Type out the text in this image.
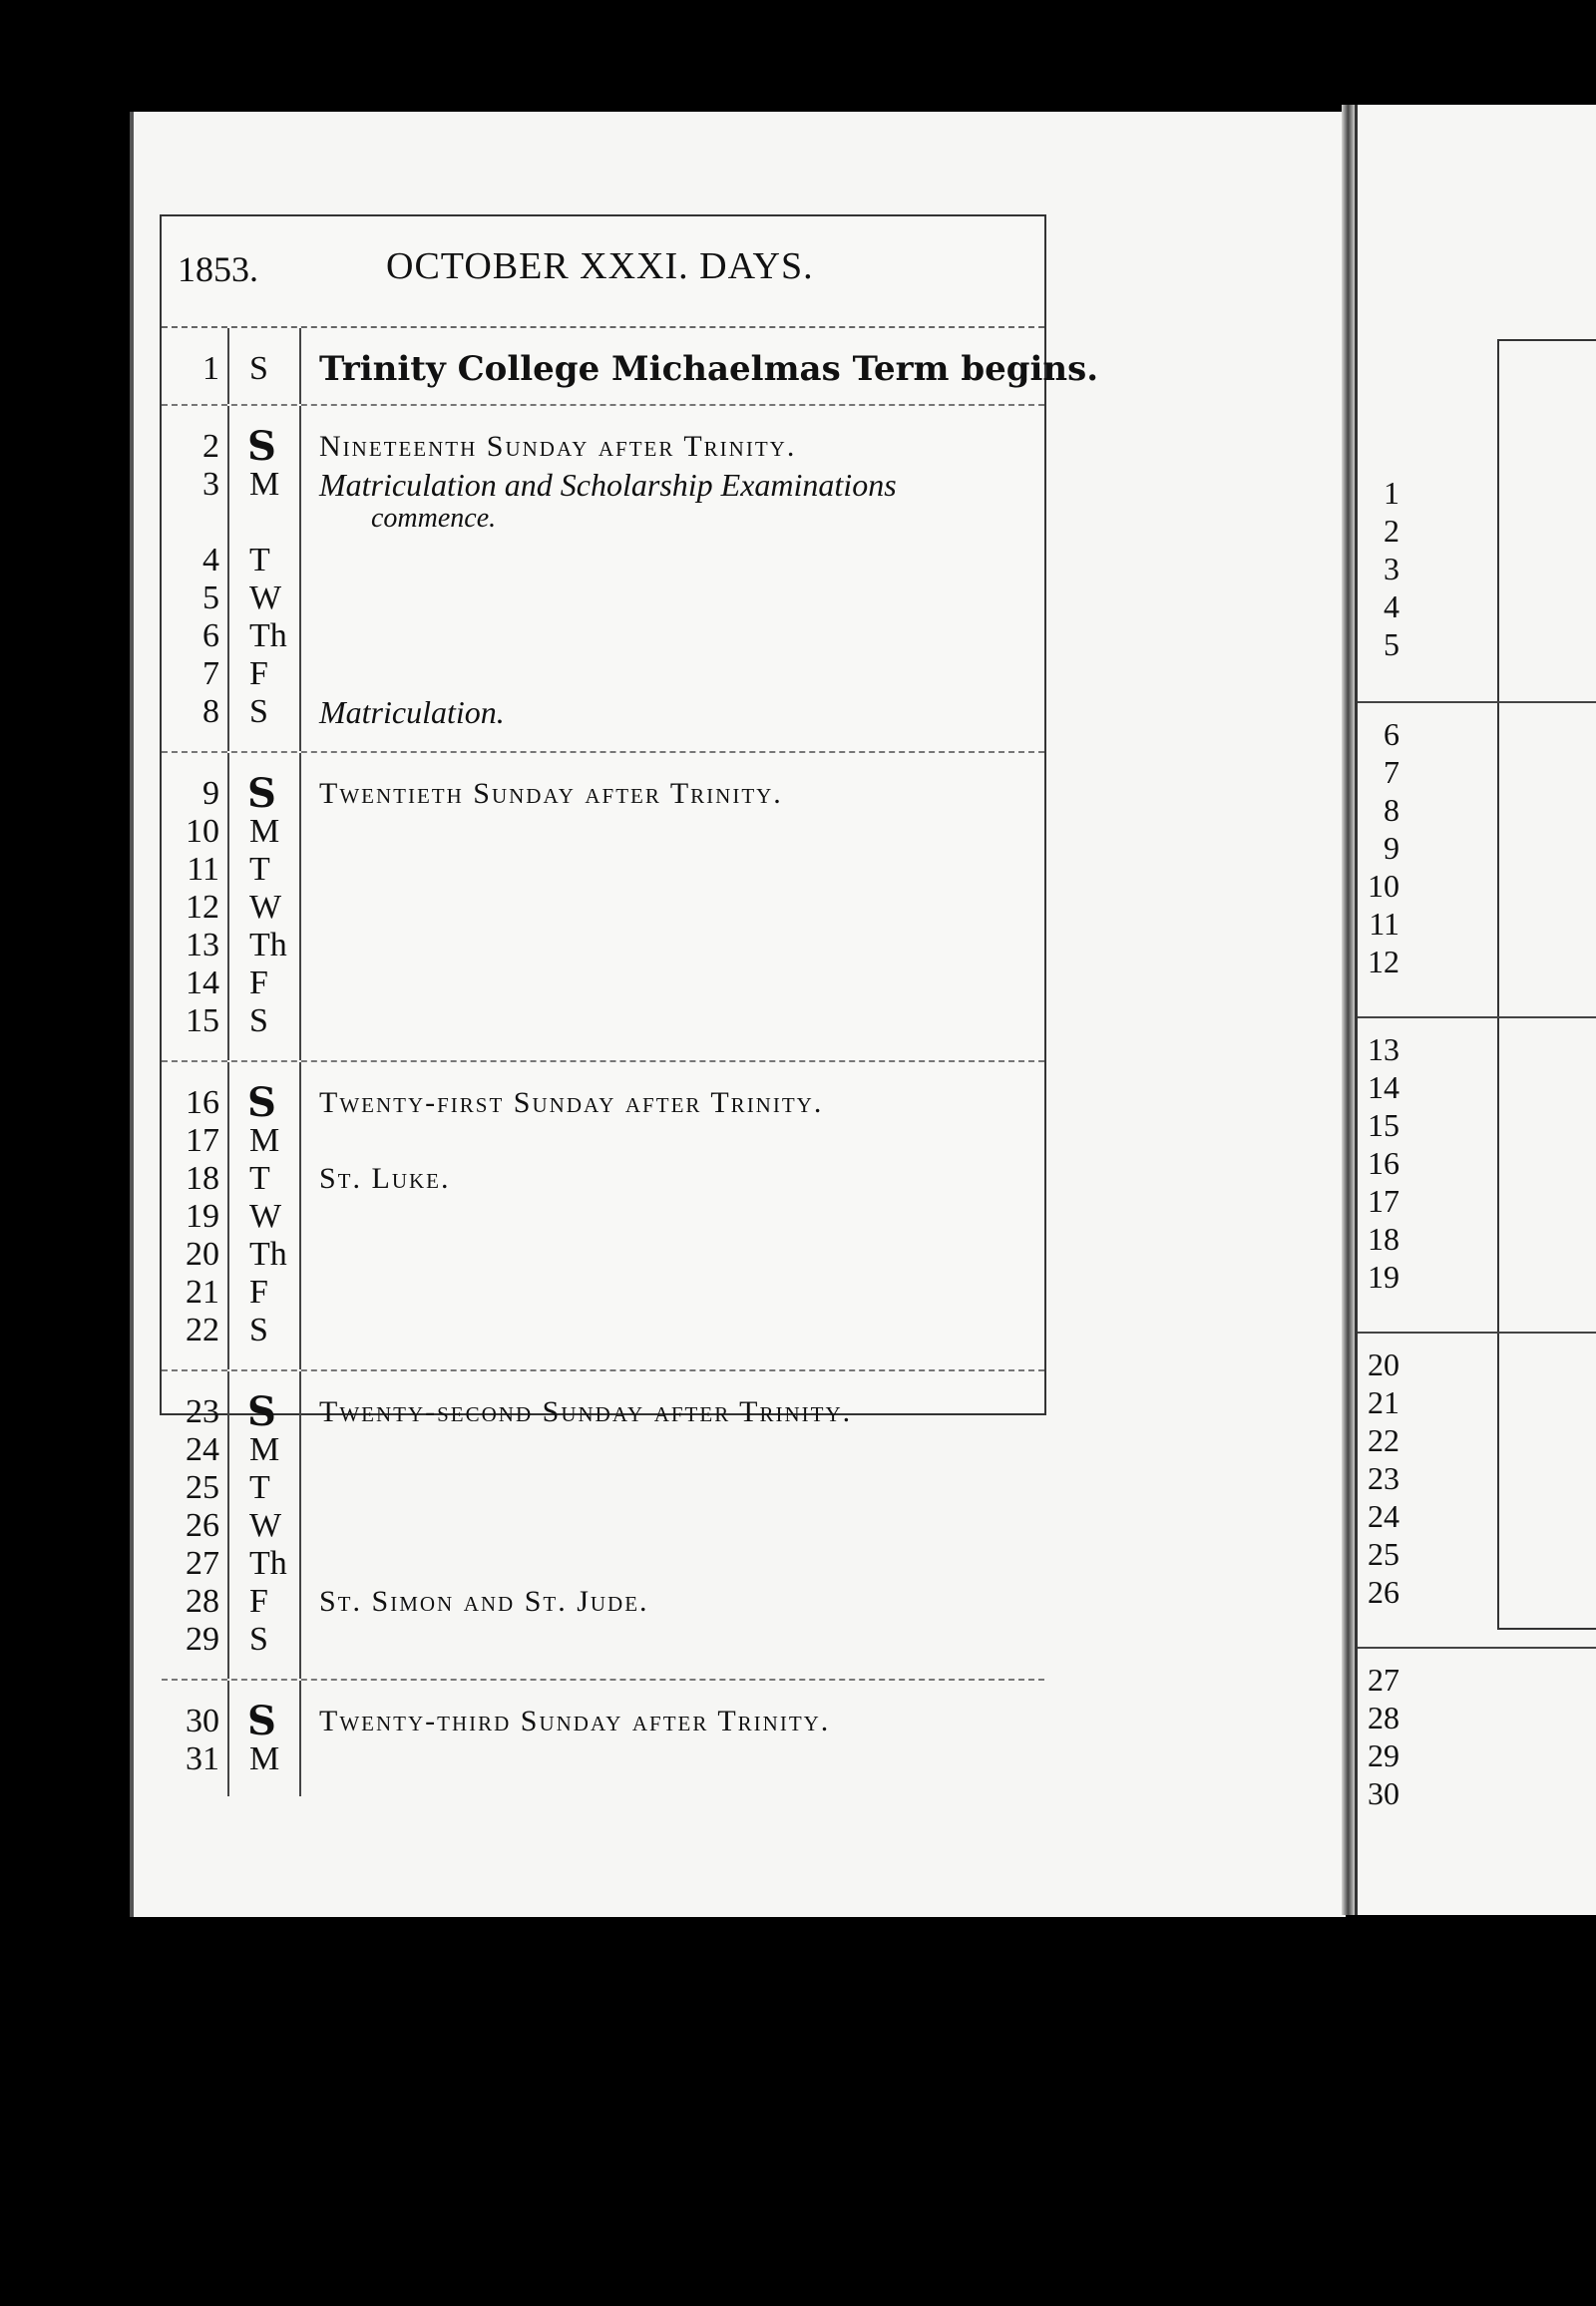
1
2
3
4
5
6
7
8
9
10
11
12
13
14
15
16
17
18
19
20
21
22
23
24
25
26
27
28
29
30
1853.	OCTOBER XXXI. DAYS.
1 S Trinity College Michaelmas Term begins.
2 S Nineteenth Sunday after Trinity.
3 M Matriculation and Scholarship Examinations
commence.
4 T
5 W
6 Th
7 F
8 S Matriculation.
9 S Twentieth Sunday after Trinity.
10 M
11 T
12 W
13 Th
14 F
15 S
16 S Twenty-first Sunday after Trinity.
17 M
18 T St. Luke.
19 W
20 Th
21 F
22 S
23 S Twenty-second Sunday after Trinity.
24 M
25 T
26 W
27 Th
28 F St. Simon and St. Jude.
29 S
30 S Twenty-third Sunday after Trinity.
31 M
